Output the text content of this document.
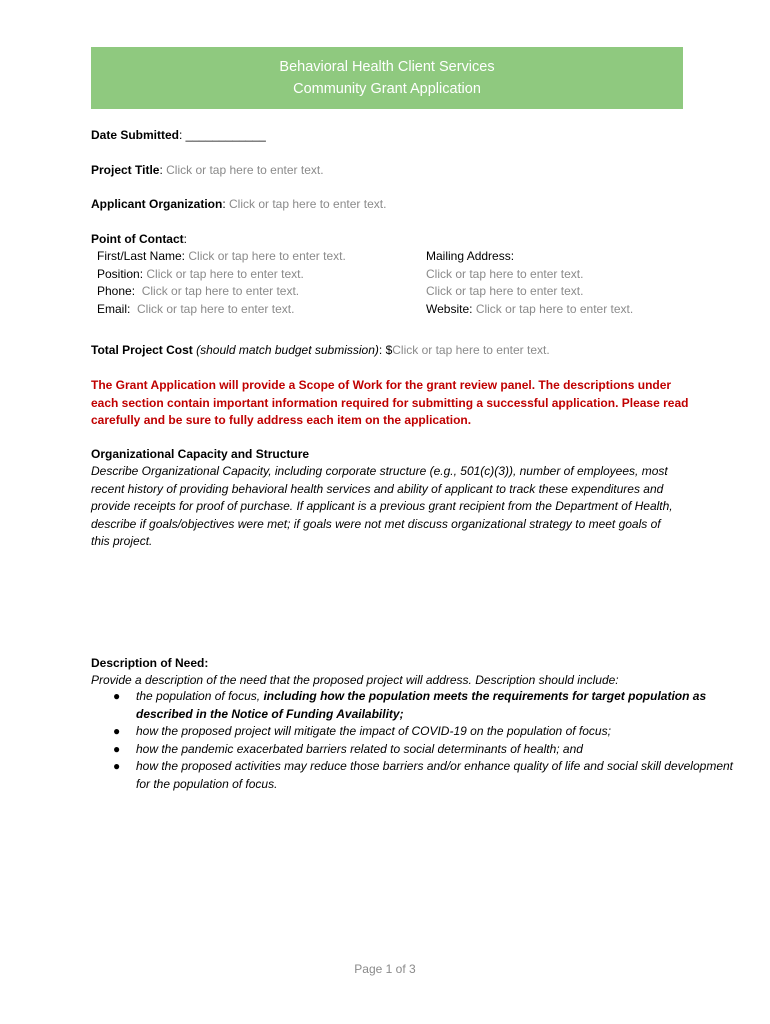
Behavioral Health Client Services
Community Grant Application
Date Submitted: ____________
Project Title: Click or tap here to enter text.
Applicant Organization: Click or tap here to enter text.
Point of Contact:
First/Last Name: Click or tap here to enter text.
Position: Click or tap here to enter text.
Phone: Click or tap here to enter text.
Email: Click or tap here to enter text.
Mailing Address:
Click or tap here to enter text.
Click or tap here to enter text.
Website: Click or tap here to enter text.
Total Project Cost (should match budget submission): $Click or tap here to enter text.
The Grant Application will provide a Scope of Work for the grant review panel. The descriptions under each section contain important information required for submitting a successful application. Please read carefully and be sure to fully address each item on the application.
Organizational Capacity and Structure
Describe Organizational Capacity, including corporate structure (e.g., 501(c)(3)), number of employees, most recent history of providing behavioral health services and ability of applicant to track these expenditures and provide receipts for proof of purchase. If applicant is a previous grant recipient from the Department of Health, describe if goals/objectives were met; if goals were not met discuss organizational strategy to meet goals of this project.
Description of Need:
Provide a description of the need that the proposed project will address. Description should include:
● the population of focus, including how the population meets the requirements for target population as described in the Notice of Funding Availability;
● how the proposed project will mitigate the impact of COVID-19 on the population of focus;
● how the pandemic exacerbated barriers related to social determinants of health; and
● how the proposed activities may reduce those barriers and/or enhance quality of life and social skill development for the population of focus.
Page 1 of 3
